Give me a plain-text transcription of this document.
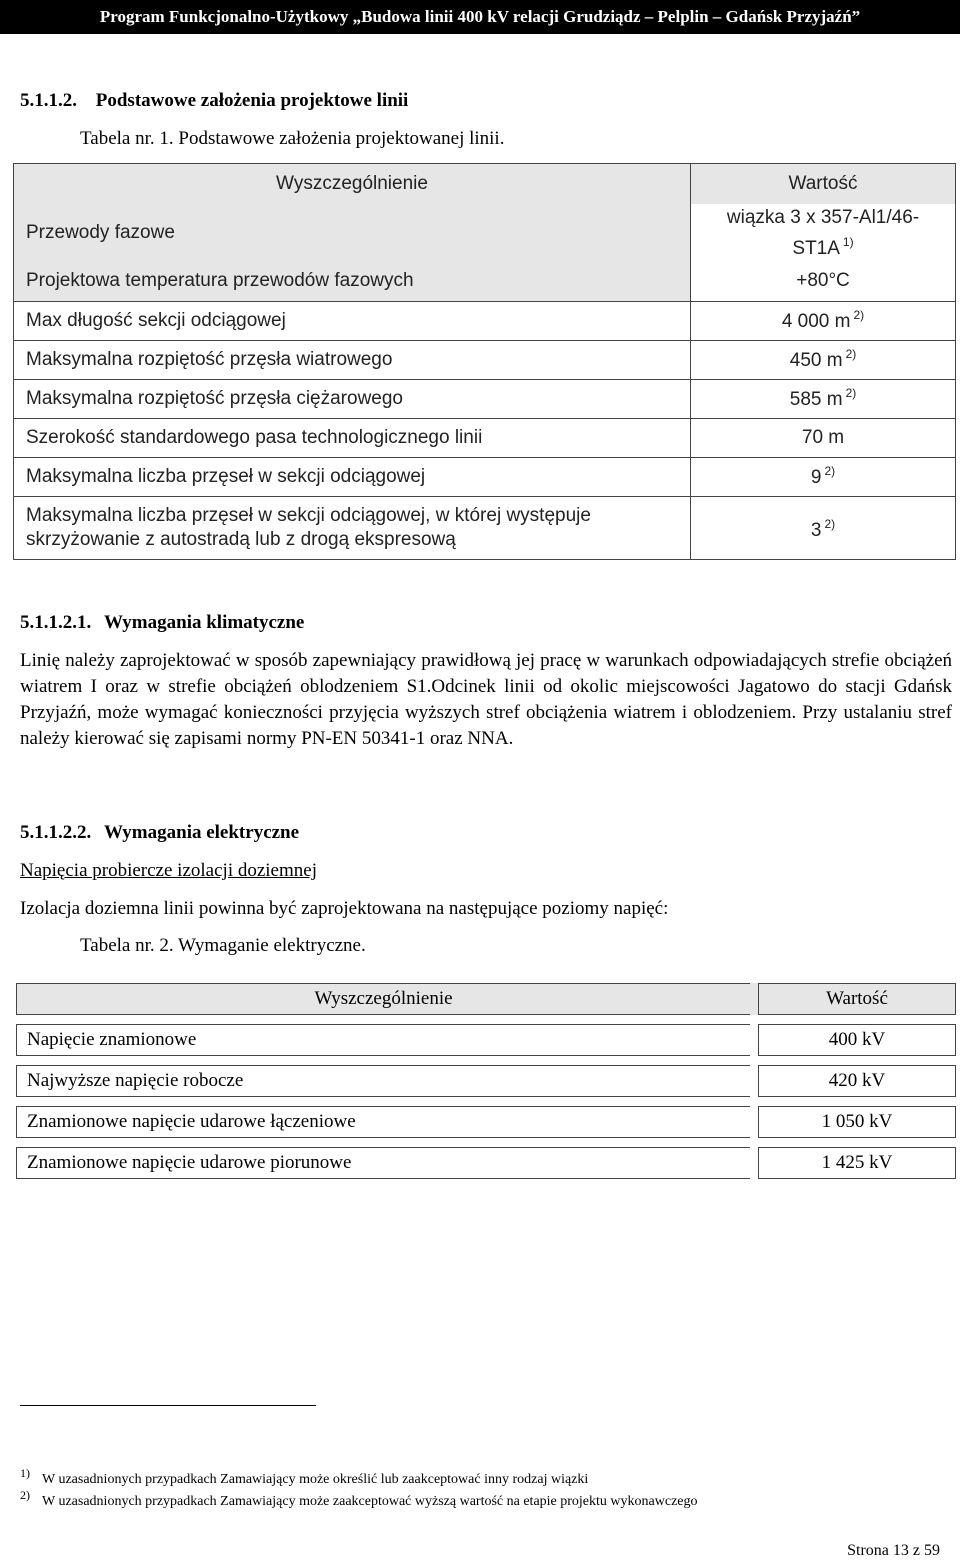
Program Funkcjonalno-Użytkowy „Budowa linii 400 kV relacji Grudziądz – Pelplin – Gdańsk Przyjaźń”
5.1.1.2. Podstawowe założenia projektowe linii
Tabela nr. 1. Podstawowe założenia projektowanej linii.
Wyszczególnienie	Wartość
Przewody fazowe	wiązka 3 x 357-Al1/46-ST1A $^{1)}$
Projektowa temperatura przewodów fazowych	+80°C
Max długość sekcji odciągowej	4 000 m $^{2)}$
Maksymalna rozpiętość przęsła wiatrowego	450 m $^{2)}$
Maksymalna rozpiętość przęsła ciężarowego	585 m $^{2)}$
Szerokość standardowego pasa technologicznego linii	70 m
Maksymalna liczba przęseł w sekcji odciągowej	9 $^{2)}$
Maksymalna liczba przęseł w sekcji odciągowej, w której występuje skrzyżowanie z autostradą lub z drogą ekspresową	3 $^{2)}$
5.1.1.2.1. Wymagania klimatyczne
Linię należy zaprojektować w sposób zapewniający prawidłową jej pracę w warunkach odpowiadających strefie obciążeń wiatrem I oraz w strefie obciążeń oblodzeniem S1.Odcinek linii od okolic miejscowości Jagatowo do stacji Gdańsk Przyjaźń, może wymagać konieczności przyjęcia wyższych stref obciążenia wiatrem i oblodzeniem. Przy ustalaniu stref należy kierować się zapisami normy PN-EN 50341-1 oraz NNA.
5.1.1.2.2. Wymagania elektryczne
Napięcia probiercze izolacji doziemnej
Izolacja doziemna linii powinna być zaprojektowana na następujące poziomy napięć:
Tabela nr. 2. Wymaganie elektryczne.
Wyszczególnienie		Wartość
Napięcie znamionowe		400 kV
Najwyższe napięcie robocze		420 kV
Znamionowe napięcie udarowe łączeniowe		1 050 kV
Znamionowe napięcie udarowe piorunowe		1 425 kV
1) W uzasadnionych przypadkach Zamawiający może określić lub zaakceptować inny rodzaj wiązki
2) W uzasadnionych przypadkach Zamawiający może zaakceptować wyższą wartość na etapie projektu wykonawczego
Strona 13 z 59
